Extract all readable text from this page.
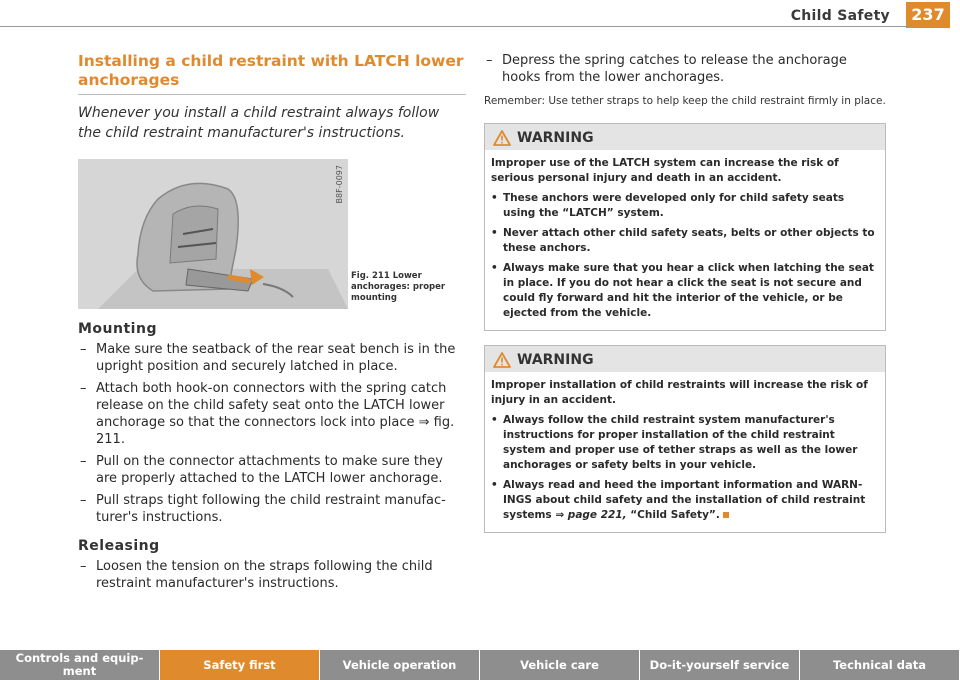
Child Safety	237
Installing a child restraint with LATCH lower anchorages

Whenever you install a child restraint always follow the child restraint manufacturer's instructions.

B8F-0097
Fig. 211 Lower anchorages: proper mounting
Mounting
– Make sure the seatback of the rear seat bench is in the upright position and securely latched in place.
– Attach both hook-on connectors with the spring catch release on the child safety seat onto the LATCH lower anchorage so that the connectors lock into place ⇒ fig. 211.
– Pull on the connector attachments to make sure they are properly attached to the LATCH lower anchorage.
– Pull straps tight following the child restraint manufac-turer's instructions.
Releasing
– Loosen the tension on the straps following the child restraint manufacturer's instructions.
– Depress the spring catches to release the anchorage hooks from the lower anchorages.

Remember: Use tether straps to help keep the child restraint firmly in place.

WARNING

Improper use of the LATCH system can increase the risk of serious personal injury and death in an accident.

• These anchors were developed only for child safety seats using the “LATCH” system.
• Never attach other child safety seats, belts or other objects to these anchors.
• Always make sure that you hear a click when latching the seat in place. If you do not hear a click the seat is not secure and could fly forward and hit the interior of the vehicle, or be ejected from the vehicle.
WARNING

Improper installation of child restraints will increase the risk of injury in an accident.

• Always follow the child restraint system manufacturer's instructions for proper installation of the child restraint system and proper use of tether straps as well as the lower anchorages or safety belts in your vehicle.
• Always read and heed the important information and WARN-INGS about child safety and the installation of child restraint systems ⇒ page 221, “Child Safety”.
Controls and equip-ment	Safety first	Vehicle operation	Vehicle care	Do-it-yourself service	Technical data
